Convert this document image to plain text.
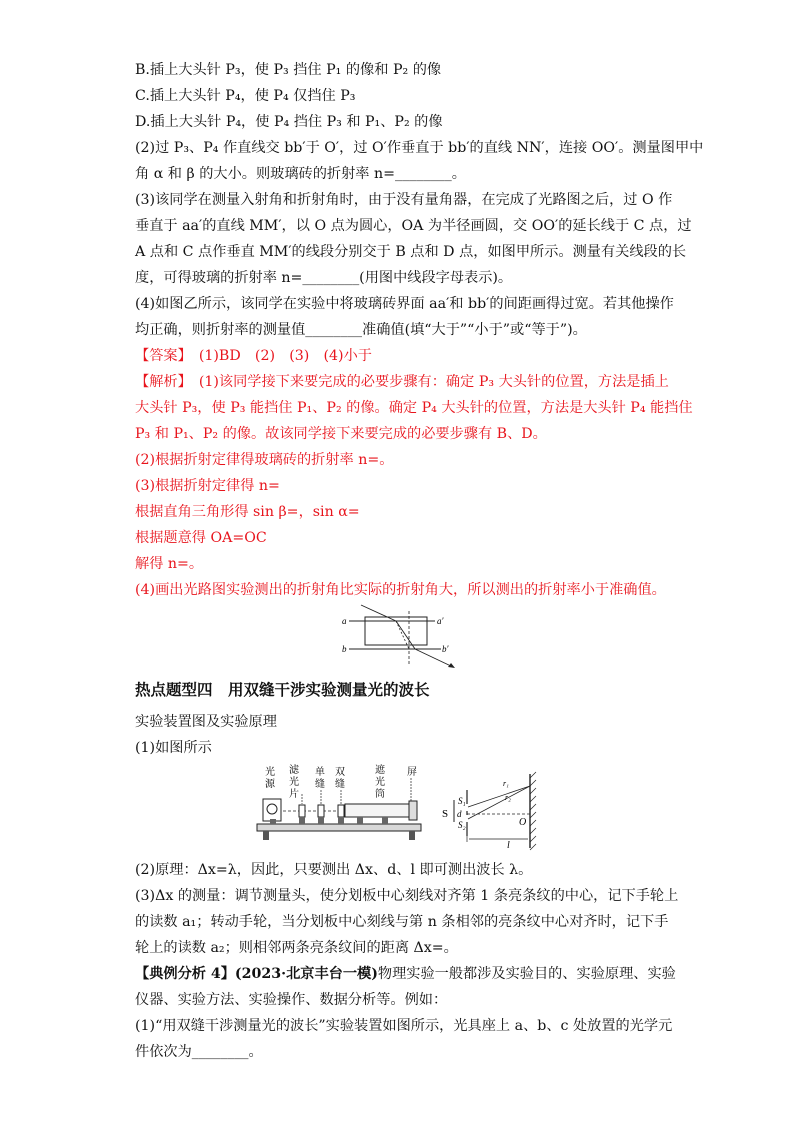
B.插上大头针 P₃，使 P₃ 挡住 P₁ 的像和 P₂ 的像
C.插上大头针 P₄，使 P₄ 仅挡住 P₃
D.插上大头针 P₄，使 P₄ 挡住 P₃ 和 P₁、P₂ 的像
(2)过 P₃、P₄ 作直线交 bb′于 O′，过 O′作垂直于 bb′的直线 NN′，连接 OO′。测量图甲中
角 α 和 β 的大小。则玻璃砖的折射率 n=________。
(3)该同学在测量入射角和折射角时，由于没有量角器，在完成了光路图之后，过 O 作
垂直于 aa′的直线 MM′，以 O 点为圆心，OA 为半径画圆，交 OO′的延长线于 C 点，过
A 点和 C 点作垂直 MM′的线段分别交于 B 点和 D 点，如图甲所示。测量有关线段的长
度，可得玻璃的折射率 n=________(用图中线段字母表示)。
(4)如图乙所示，该同学在实验中将玻璃砖界面 aa′和 bb′的间距画得过宽。若其他操作
均正确，则折射率的测量值________准确值(填“大于”“小于”或“等于”)。
【答案】　(1)BD　(2)　(3)　(4)小于
【解析】　(1)该同学接下来要完成的必要步骤有：确定 P₃ 大头针的位置，方法是插上
大头针 P₃，使 P₃ 能挡住 P₁、P₂ 的像。确定 P₄ 大头针的位置，方法是大头针 P₄ 能挡住
P₃ 和 P₁、P₂ 的像。故该同学接下来要完成的必要步骤有 B、D。
(2)根据折射定律得玻璃砖的折射率 n=。
(3)根据折射定律得 n=
根据直角三角形得 sin β=，sin α=
根据题意得 OA=OC
解得 n=。
(4)画出光路图实验测出的折射角比实际的折射角大，所以测出的折射率小于准确值。
a	a′
b	b′
热点题型四　用双缝干涉实验测量光的波长
实验装置图及实验原理
(1)如图所示
光
源
滤
光
片
单
缝
双
缝
遮
光
筒
屏
S
S₁
S₂
d
r₁
r₂
O
l
(2)原理：Δx=λ，因此，只要测出 Δx、d、l 即可测出波长 λ。
(3)Δx 的测量：调节测量头，使分划板中心刻线对齐第 1 条亮条纹的中心，记下手轮上
的读数 a₁；转动手轮，当分划板中心刻线与第 n 条相邻的亮条纹中心对齐时，记下手
轮上的读数 a₂；则相邻两条亮条纹间的距离 Δx=。
【典例分析 4】(2023·北京丰台一模)物理实验一般都涉及实验目的、实验原理、实验
仪器、实验方法、实验操作、数据分析等。例如：
(1)“用双缝干涉测量光的波长”实验装置如图所示，光具座上 a、b、c 处放置的光学元
件依次为________。
